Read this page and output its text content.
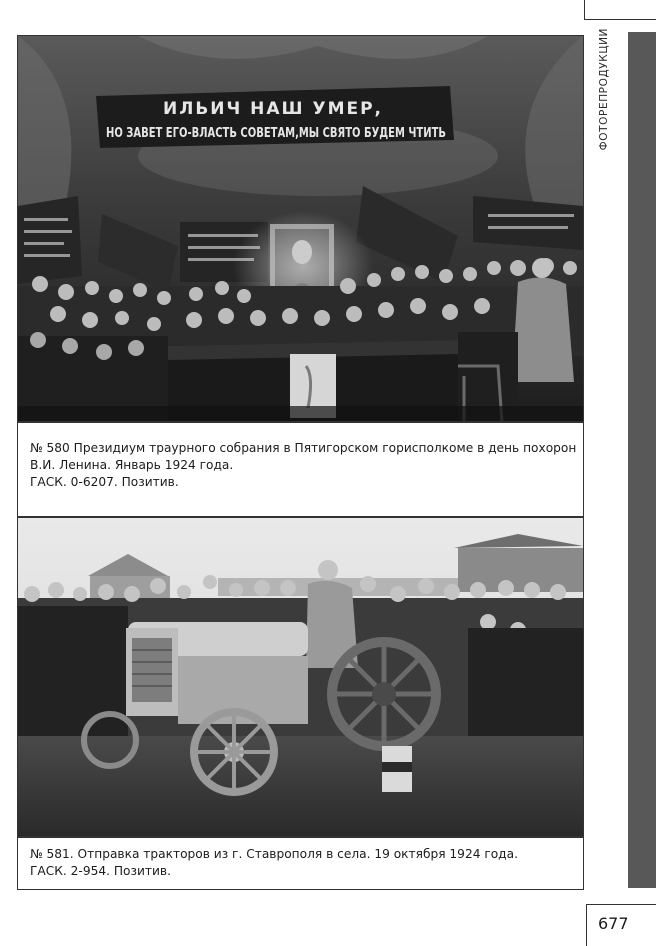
ФОТОРЕПРОДУКЦИИ
ИЛЬИЧ НАШ УМЕР,
НО ЗАВЕТ ЕГО-ВЛАСТЬ СОВЕТАМ,МЫ СВЯТО БУДЕМ ЧТИТЬ
№ 580 Президиум траурного собрания в Пятигорском горисполкоме в день похорон
В.И. Ленина. Январь 1924 года.
ГАСК. 0-6207. Позитив.
№ 581. Отправка тракторов из г. Ставрополя в села. 19 октября 1924 года.
ГАСК. 2-954. Позитив.
677
